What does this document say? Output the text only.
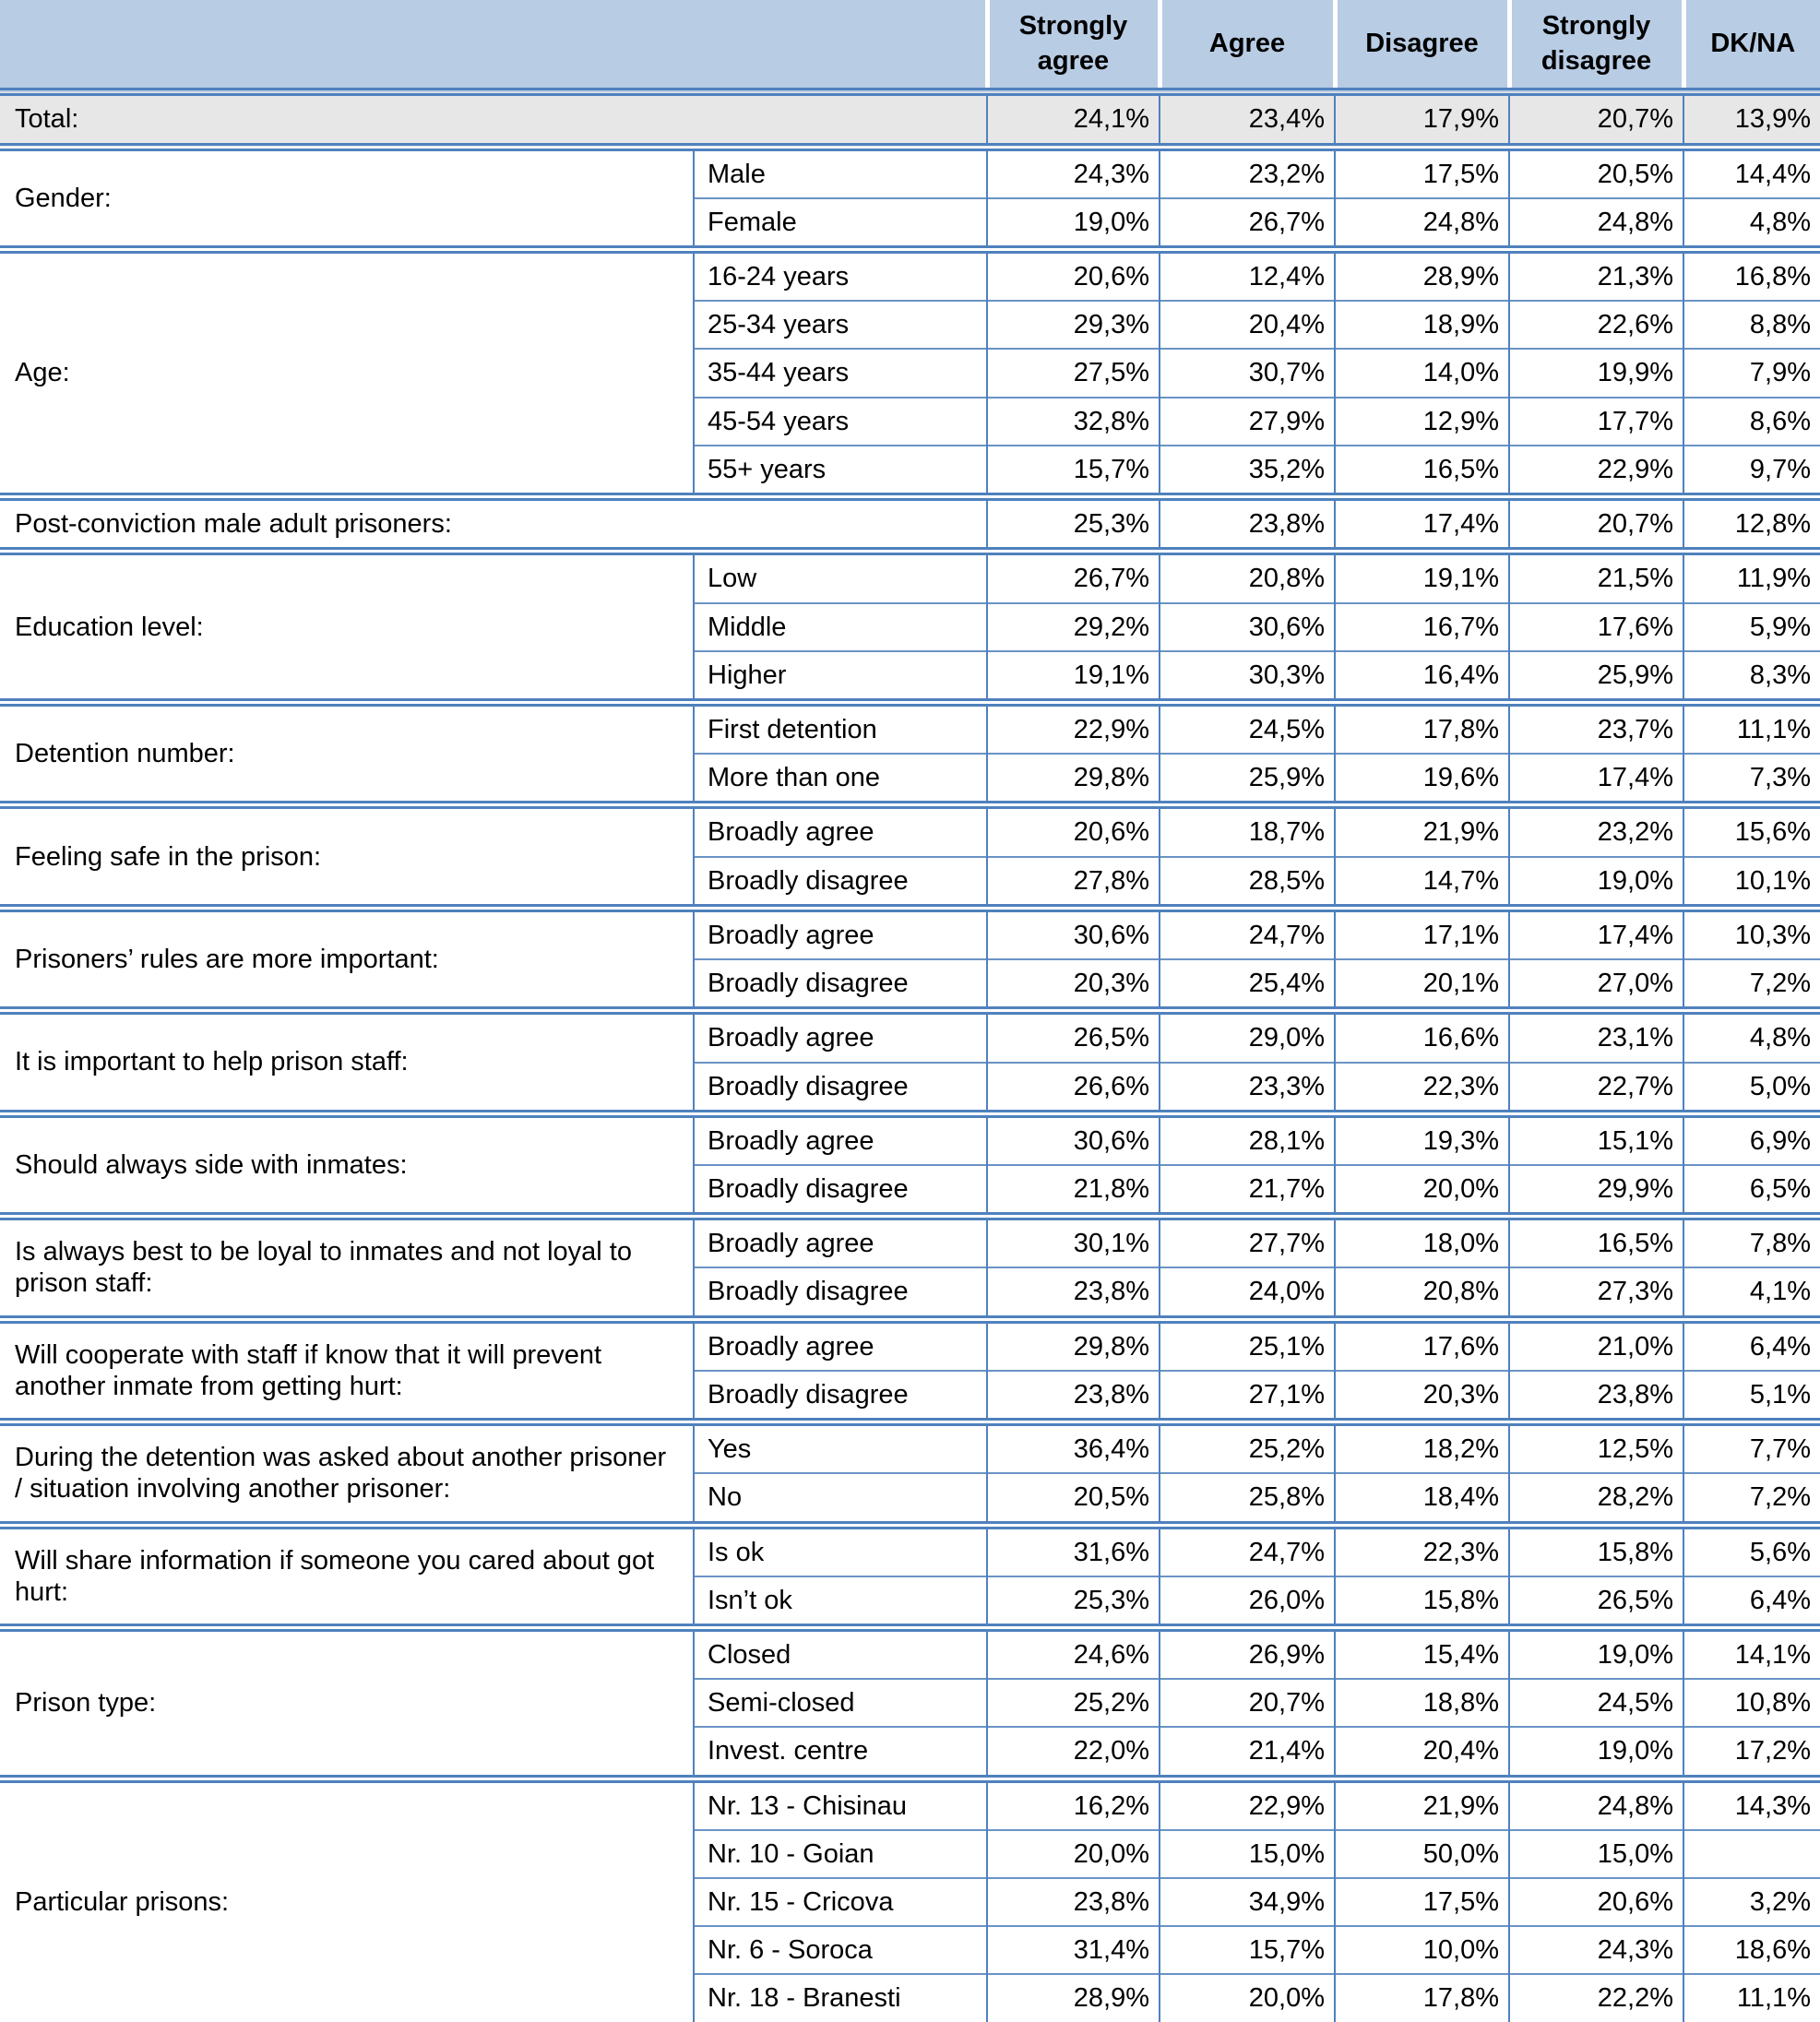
		Strongly agree	Agree	Disagree	Strongly disagree	DK/NA
Total:		24,1%	23,4%	17,9%	20,7%	13,9%
Gender:	Male	24,3%	23,2%	17,5%	20,5%	14,4%
	Female	19,0%	26,7%	24,8%	24,8%	4,8%
Age:	16-24 years	20,6%	12,4%	28,9%	21,3%	16,8%
	25-34 years	29,3%	20,4%	18,9%	22,6%	8,8%
	35-44 years	27,5%	30,7%	14,0%	19,9%	7,9%
	45-54 years	32,8%	27,9%	12,9%	17,7%	8,6%
	55+ years	15,7%	35,2%	16,5%	22,9%	9,7%
Post-conviction male adult prisoners:		25,3%	23,8%	17,4%	20,7%	12,8%
Education level:	Low	26,7%	20,8%	19,1%	21,5%	11,9%
	Middle	29,2%	30,6%	16,7%	17,6%	5,9%
	Higher	19,1%	30,3%	16,4%	25,9%	8,3%
Detention number:	First detention	22,9%	24,5%	17,8%	23,7%	11,1%
	More than one	29,8%	25,9%	19,6%	17,4%	7,3%
Feeling safe in the prison:	Broadly agree	20,6%	18,7%	21,9%	23,2%	15,6%
	Broadly disagree	27,8%	28,5%	14,7%	19,0%	10,1%
Prisoners’ rules are more important:	Broadly agree	30,6%	24,7%	17,1%	17,4%	10,3%
	Broadly disagree	20,3%	25,4%	20,1%	27,0%	7,2%
It is important to help prison staff:	Broadly agree	26,5%	29,0%	16,6%	23,1%	4,8%
	Broadly disagree	26,6%	23,3%	22,3%	22,7%	5,0%
Should always side with inmates:	Broadly agree	30,6%	28,1%	19,3%	15,1%	6,9%
	Broadly disagree	21,8%	21,7%	20,0%	29,9%	6,5%
Is always best to be loyal to inmates and not loyal to prison staff:	Broadly agree	30,1%	27,7%	18,0%	16,5%	7,8%
	Broadly disagree	23,8%	24,0%	20,8%	27,3%	4,1%
Will cooperate with staff if know that it will prevent another inmate from getting hurt:	Broadly agree	29,8%	25,1%	17,6%	21,0%	6,4%
	Broadly disagree	23,8%	27,1%	20,3%	23,8%	5,1%
During the detention was asked about another prisoner / situation involving another prisoner:	Yes	36,4%	25,2%	18,2%	12,5%	7,7%
	No	20,5%	25,8%	18,4%	28,2%	7,2%
Will share information if someone you cared about got hurt:	Is ok	31,6%	24,7%	22,3%	15,8%	5,6%
	Isn’t ok	25,3%	26,0%	15,8%	26,5%	6,4%
Prison type:	Closed	24,6%	26,9%	15,4%	19,0%	14,1%
	Semi-closed	25,2%	20,7%	18,8%	24,5%	10,8%
	Invest. centre	22,0%	21,4%	20,4%	19,0%	17,2%
Particular prisons:	Nr. 13 - Chisinau	16,2%	22,9%	21,9%	24,8%	14,3%
	Nr. 10 - Goian	20,0%	15,0%	50,0%	15,0%	
	Nr. 15 - Cricova	23,8%	34,9%	17,5%	20,6%	3,2%
	Nr. 6 - Soroca	31,4%	15,7%	10,0%	24,3%	18,6%
	Nr. 18 - Branesti	28,9%	20,0%	17,8%	22,2%	11,1%
